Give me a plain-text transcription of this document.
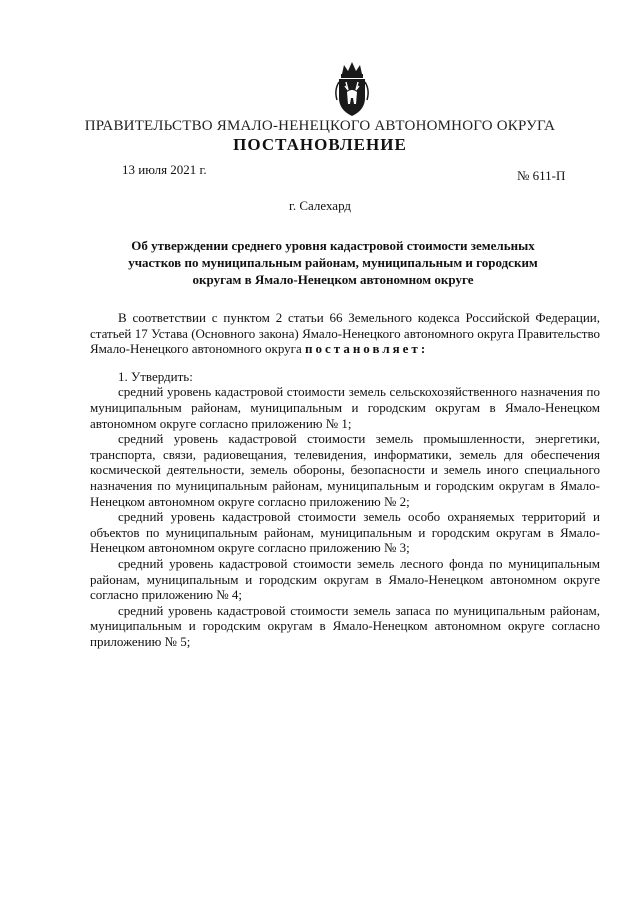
ПРАВИТЕЛЬСТВО ЯМАЛО-НЕНЕЦКОГО АВТОНОМНОГО ОКРУГА
ПОСТАНОВЛЕНИЕ
13 июля 2021 г.	№ 611-П
г. Салехард
Об утверждении среднего уровня кадастровой стоимости земельных участков по муниципальным районам, муниципальным и городским округам в Ямало-Ненецком автономном округе

В соответствии с пунктом 2 статьи 66 Земельного кодекса Российской Федерации, статьей 17 Устава (Основного закона) Ямало-Ненецкого автономного округа Правительство Ямало-Ненецкого автономного округа постановляет:

1. Утвердить:

средний уровень кадастровой стоимости земель сельскохозяйственного назначения по муниципальным районам, муниципальным и городским округам в Ямало-Ненецком автономном округе согласно приложению № 1;

средний уровень кадастровой стоимости земель промышленности, энергетики, транспорта, связи, радиовещания, телевидения, информатики, земель для обеспечения космической деятельности, земель обороны, безопасности и земель иного специального назначения по муниципальным районам, муниципальным и городским округам в Ямало-Ненецком автономном округе согласно приложению № 2;

средний уровень кадастровой стоимости земель особо охраняемых территорий и объектов по муниципальным районам, муниципальным и городским округам в Ямало-Ненецком автономном округе согласно приложению № 3;

средний уровень кадастровой стоимости земель лесного фонда по муниципальным районам, муниципальным и городским округам в Ямало-Ненецком автономном округе согласно приложению № 4;

средний уровень кадастровой стоимости земель запаса по муниципальным районам, муниципальным и городским округам в Ямало-Ненецком автономном округе согласно приложению № 5;
